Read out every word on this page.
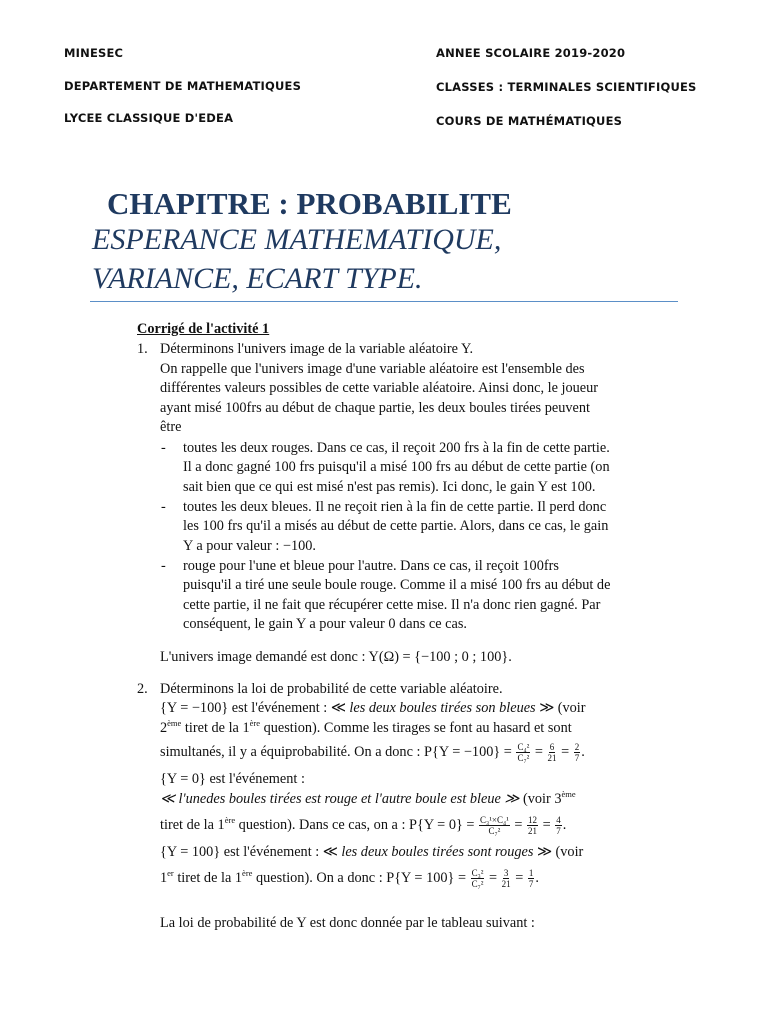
MINESEC
DEPARTEMENT DE MATHEMATIQUES
LYCEE CLASSIQUE D'EDEA
ANNEE SCOLAIRE 2019-2020
CLASSES : TERMINALES SCIENTIFIQUES
COURS DE MATHÉMATIQUES
CHAPITRE : PROBABILITE
ESPERANCE MATHEMATIQUE,
VARIANCE, ECART TYPE.
Corrigé de l'activité 1
1. Déterminons l'univers image de la variable aléatoire Y.
On rappelle que l'univers image d'une variable aléatoire est l'ensemble des
différentes valeurs possibles de cette variable aléatoire. Ainsi donc, le joueur
ayant misé 100frs au début de chaque partie, les deux boules tirées peuvent
être
- toutes les deux rouges. Dans ce cas, il reçoit 200 frs à la fin de cette partie.
Il a donc gagné 100 frs puisqu'il a misé 100 frs au début de cette partie (on
sait bien que ce qui est misé n'est pas remis). Ici donc, le gain Y est 100.
- toutes les deux bleues. Il ne reçoit rien à la fin de cette partie. Il perd donc
les 100 frs qu'il a misés au début de cette partie. Alors, dans ce cas, le gain
Y a pour valeur : −100.
- rouge pour l'une et bleue pour l'autre. Dans ce cas, il reçoit 100frs
puisqu'il a tiré une seule boule rouge. Comme il a misé 100 frs au début de
cette partie, il ne fait que récupérer cette mise. Il n'a donc rien gagné. Par
conséquent, le gain Y a pour valeur 0 dans ce cas.
L'univers image demandé est donc : Y(Ω) = {−100 ; 0 ; 100}.
2. Déterminons la loi de probabilité de cette variable aléatoire.
{Y = −100} est l'événement : ≪ les deux boules tirées son bleues ≫ (voir
2ème tiret de la 1ère question). Comme les tirages se font au hasard et sont
simultanés, il y a équiprobabilité. On a donc : $P\{Y = -100\} = \frac{\text{C₄²}}{\text{C₇²}} = \frac{6}{21} = \frac{2}{7}$ .
{Y = 0} est l'événement :
≪ l'unedes boules tirées est rouge et l'autre boule est bleue ≫ (voir 3ème
tiret de la 1ère question). Dans ce cas, on a : $P\{Y = 0\} = \frac{\text{C₃¹×C₄¹}}{\text{C₇²}} = \frac{12}{21} = \frac{4}{7}$ .
{Y = 100} est l'événement : ≪ les deux boules tirées sont rouges ≫ (voir
1er tiret de la 1ère question). On a donc : $P\{Y = 100\} = \frac{\text{C₃²}}{\text{C₇²}} = \frac{3}{21} = \frac{1}{7}$ .
La loi de probabilité de Y est donc donnée par le tableau suivant :
